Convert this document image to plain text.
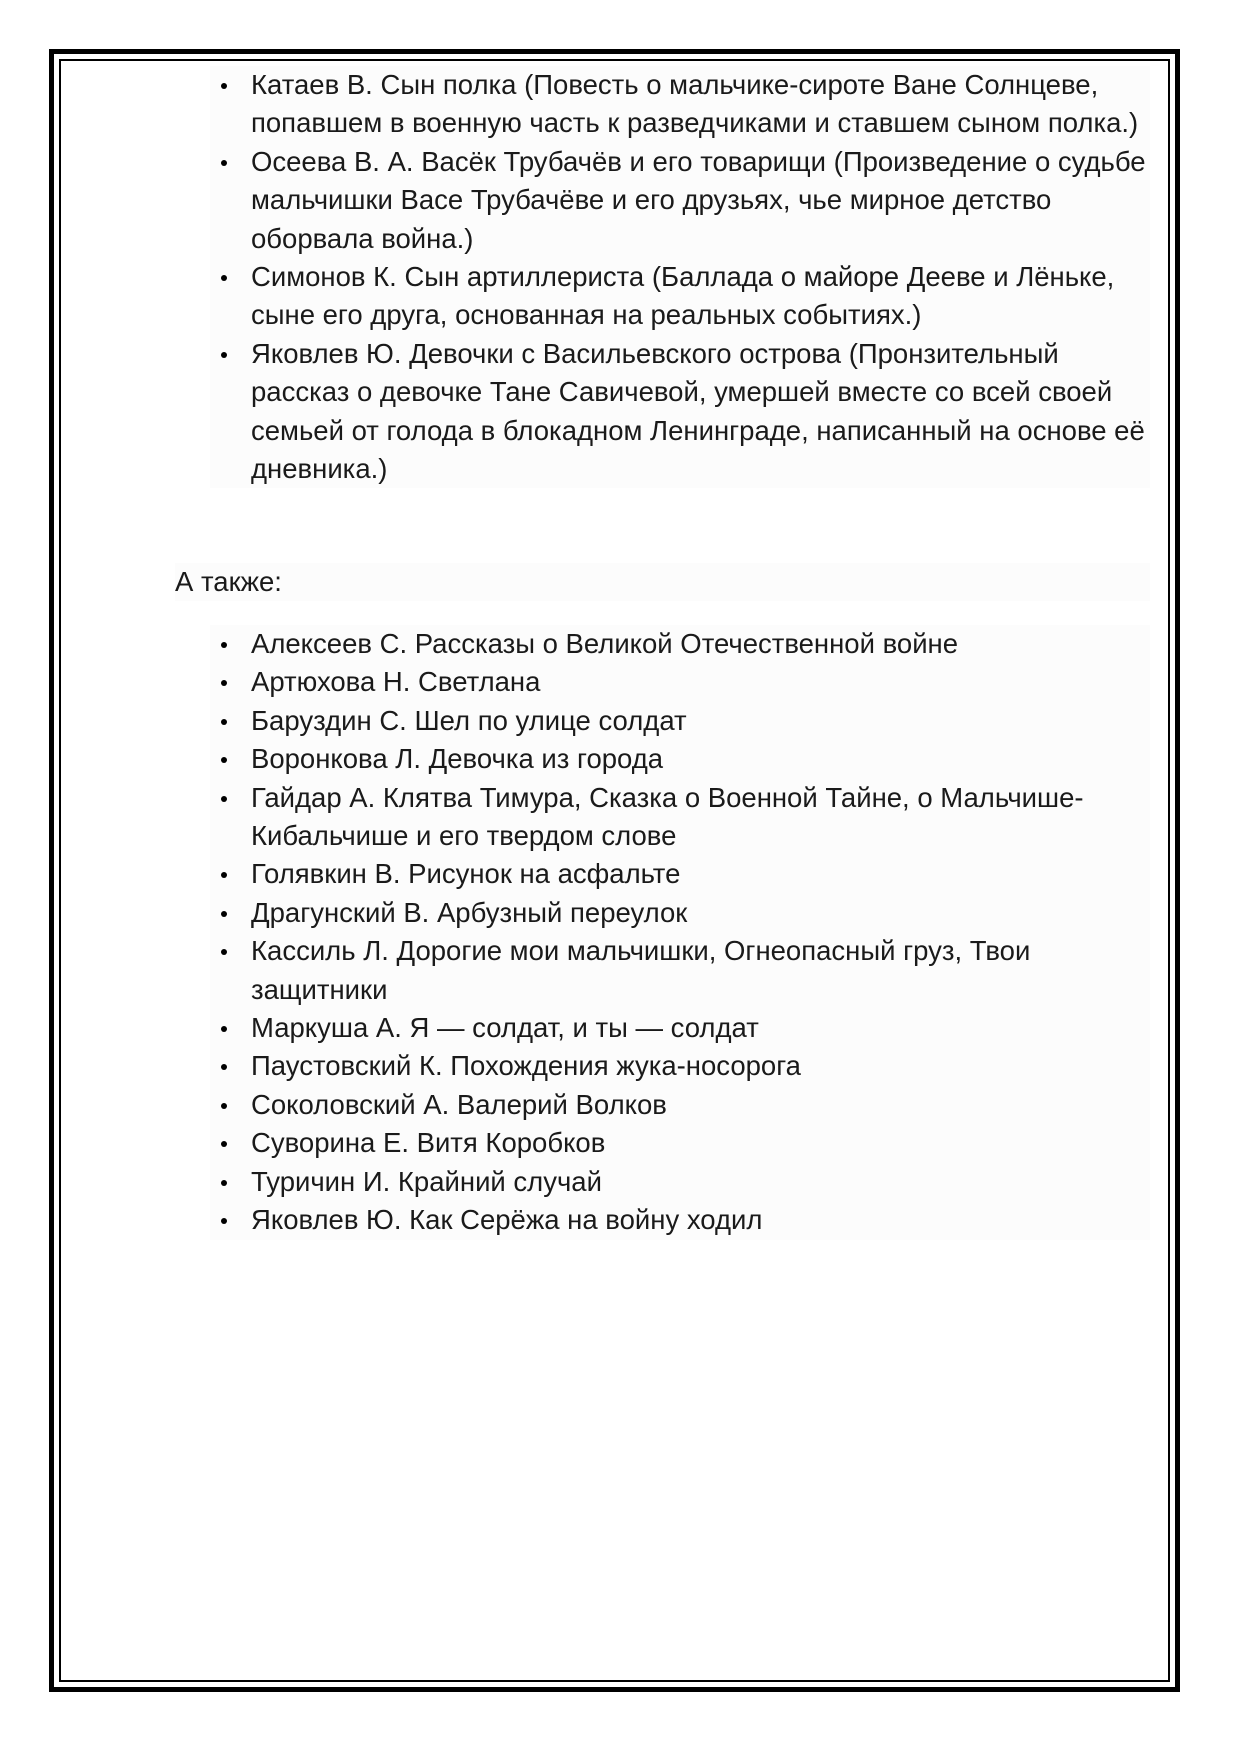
Катаев В. Сын полка (Повесть о мальчике-сироте Ване Солнцеве, попавшем в военную часть к разведчиками и ставшем сыном полка.)
Осеева В. А. Васёк Трубачёв и его товарищи (Произведение о судьбе мальчишки Васе Трубачёве и его друзьях, чье мирное детство оборвала война.)
Симонов К. Сын артиллериста (Баллада о майоре Дееве и Лёньке, сыне его друга, основанная на реальных событиях.)
Яковлев Ю. Девочки с Васильевского острова (Пронзительный рассказ о девочке Тане Савичевой, умершей вместе со всей своей семьей от голода в блокадном Ленинграде, написанный на основе её дневника.)
А также:
Алексеев С. Рассказы о Великой Отечественной войне
Артюхова Н. Светлана
Баруздин С. Шел по улице солдат
Воронкова Л. Девочка из города
Гайдар А. Клятва Тимура, Сказка о Военной Тайне, о Мальчише-Кибальчише и его твердом слове
Голявкин В. Рисунок на асфальте
Драгунский В. Арбузный переулок
Кассиль Л. Дорогие мои мальчишки, Огнеопасный груз, Твои защитники
Маркуша А. Я — солдат, и ты — солдат
Паустовский К. Похождения жука-носорога
Соколовский А. Валерий Волков
Суворина Е. Витя Коробков
Туричин И. Крайний случай
Яковлев Ю. Как Серёжа на войну ходил
